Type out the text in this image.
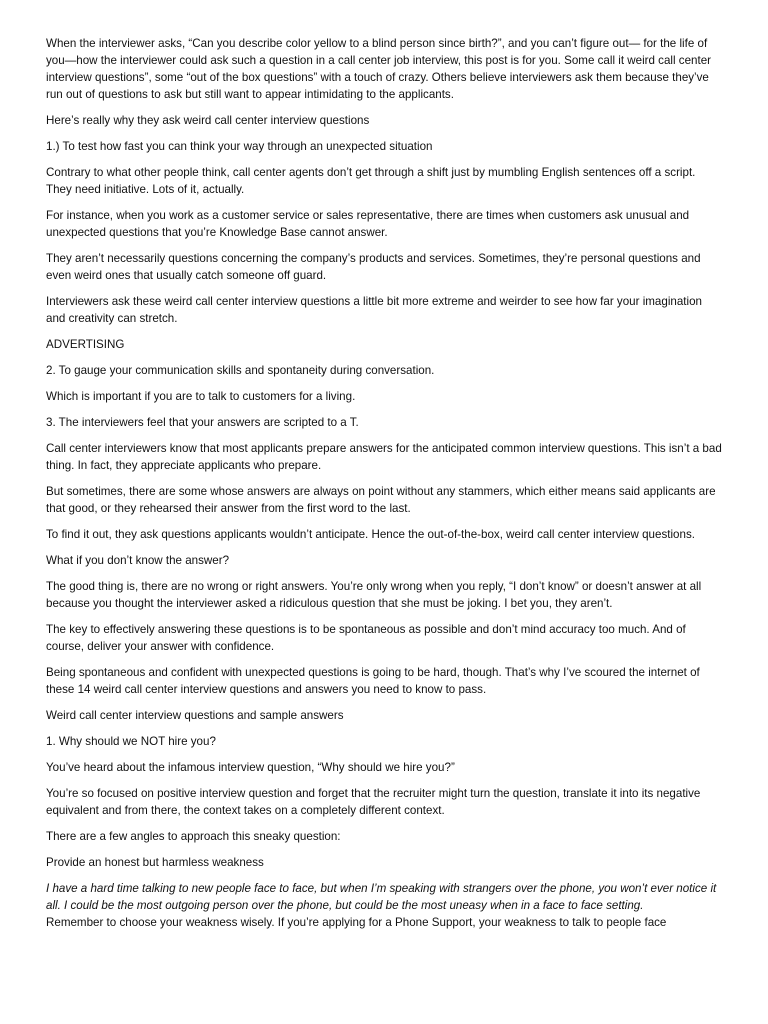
When the interviewer asks, “Can you describe color yellow to a blind person since birth?”, and you can’t figure out— for the life of you—how the interviewer could ask such a question in a call center job interview, this post is for you. Some call it weird call center interview questions”, some “out of the box questions” with a touch of crazy. Others believe interviewers ask them because they’ve run out of questions to ask but still want to appear intimidating to the applicants.

Here’s really why they ask weird call center interview questions

1.) To test how fast you can think your way through an unexpected situation

Contrary to what other people think, call center agents don’t get through a shift just by mumbling English sentences off a script. They need initiative. Lots of it, actually.

For instance, when you work as a customer service or sales representative, there are times when customers ask unusual and unexpected questions that you’re Knowledge Base cannot answer.

They aren’t necessarily questions concerning the company’s products and services. Sometimes, they’re personal questions and even weird ones that usually catch someone off guard.

Interviewers ask these weird call center interview questions a little bit more extreme and weirder to see how far your imagination and creativity can stretch.

ADVERTISING

2. To gauge your communication skills and spontaneity during conversation.

Which is important if you are to talk to customers for a living.

3. The interviewers feel that your answers are scripted to a T.

Call center interviewers know that most applicants prepare answers for the anticipated common interview questions. This isn’t a bad thing. In fact, they appreciate applicants who prepare.

But sometimes, there are some whose answers are always on point without any stammers, which either means said applicants are that good, or they rehearsed their answer from the first word to the last.

To find it out, they ask questions applicants wouldn’t anticipate. Hence the out-of-the-box, weird call center interview questions.

What if you don’t know the answer?

The good thing is, there are no wrong or right answers. You’re only wrong when you reply, “I don’t know” or doesn’t answer at all because you thought the interviewer asked a ridiculous question that she must be joking. I bet you, they aren’t.

The key to effectively answering these questions is to be spontaneous as possible and don’t mind accuracy too much. And of course, deliver your answer with confidence.

Being spontaneous and confident with unexpected questions is going to be hard, though. That’s why I’ve scoured the internet of these 14 weird call center interview questions and answers you need to know to pass.

Weird call center interview questions and sample answers

1. Why should we NOT hire you?

You’ve heard about the infamous interview question, “Why should we hire you?”

You’re so focused on positive interview question and forget that the recruiter might turn the question, translate it into its negative equivalent and from there, the context takes on a completely different context.

There are a few angles to approach this sneaky question:

Provide an honest but harmless weakness

I have a hard time talking to new people face to face, but when I’m speaking with strangers over the phone, you won’t ever notice it all. I could be the most outgoing person over the phone, but could be the most uneasy when in a face to face setting.

Remember to choose your weakness wisely. If you’re applying for a Phone Support, your weakness to talk to people face
